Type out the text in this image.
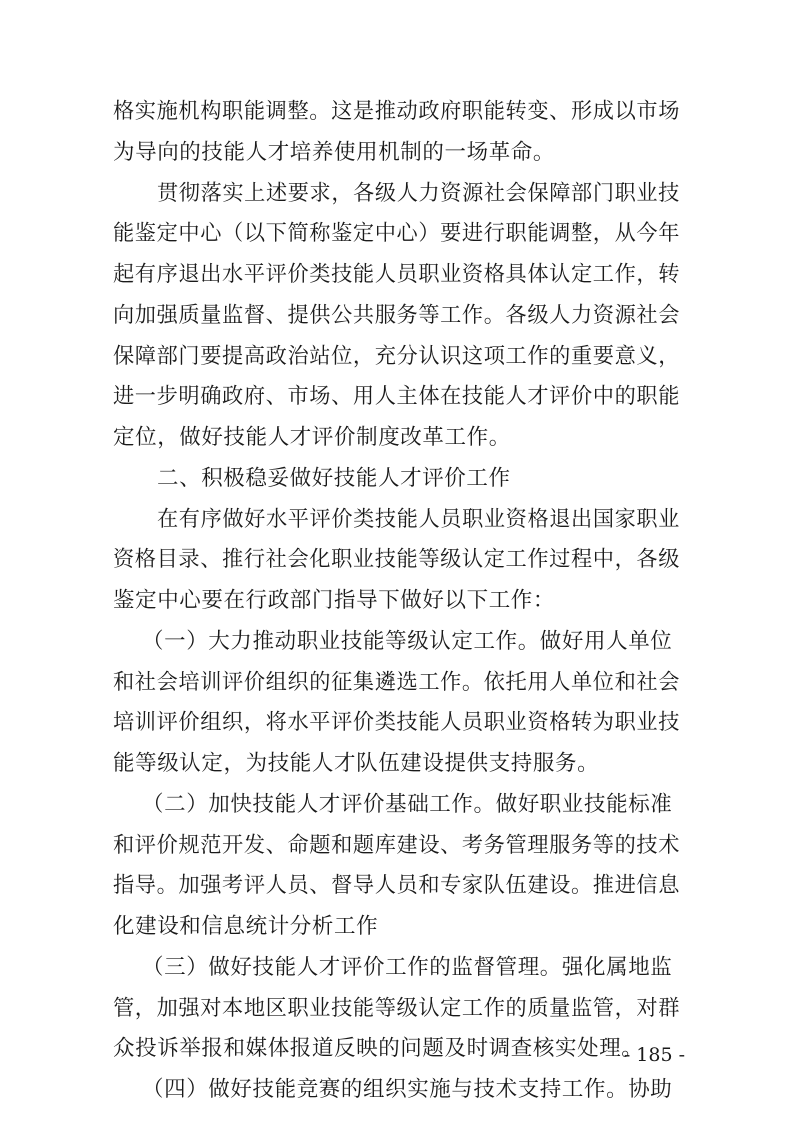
格实施机构职能调整。这是推动政府职能转变、形成以市场
为导向的技能人才培养使用机制的一场革命。
贯彻落实上述要求，各级人力资源社会保障部门职业技
能鉴定中心（以下简称鉴定中心）要进行职能调整，从今年
起有序退出水平评价类技能人员职业资格具体认定工作，转
向加强质量监督、提供公共服务等工作。各级人力资源社会
保障部门要提高政治站位，充分认识这项工作的重要意义，
进一步明确政府、市场、用人主体在技能人才评价中的职能
定位，做好技能人才评价制度改革工作。
二、积极稳妥做好技能人才评价工作
在有序做好水平评价类技能人员职业资格退出国家职业
资格目录、推行社会化职业技能等级认定工作过程中，各级
鉴定中心要在行政部门指导下做好以下工作：
（一）大力推动职业技能等级认定工作。做好用人单位
和社会培训评价组织的征集遴选工作。依托用人单位和社会
培训评价组织，将水平评价类技能人员职业资格转为职业技
能等级认定，为技能人才队伍建设提供支持服务。
（二）加快技能人才评价基础工作。做好职业技能标准
和评价规范开发、命题和题库建设、考务管理服务等的技术
指导。加强考评人员、督导人员和专家队伍建设。推进信息
化建设和信息统计分析工作
（三）做好技能人才评价工作的监督管理。强化属地监
管，加强对本地区职业技能等级认定工作的质量监管，对群
众投诉举报和媒体报道反映的问题及时调查核实处理。
（四）做好技能竞赛的组织实施与技术支持工作。协助
- 185 -
